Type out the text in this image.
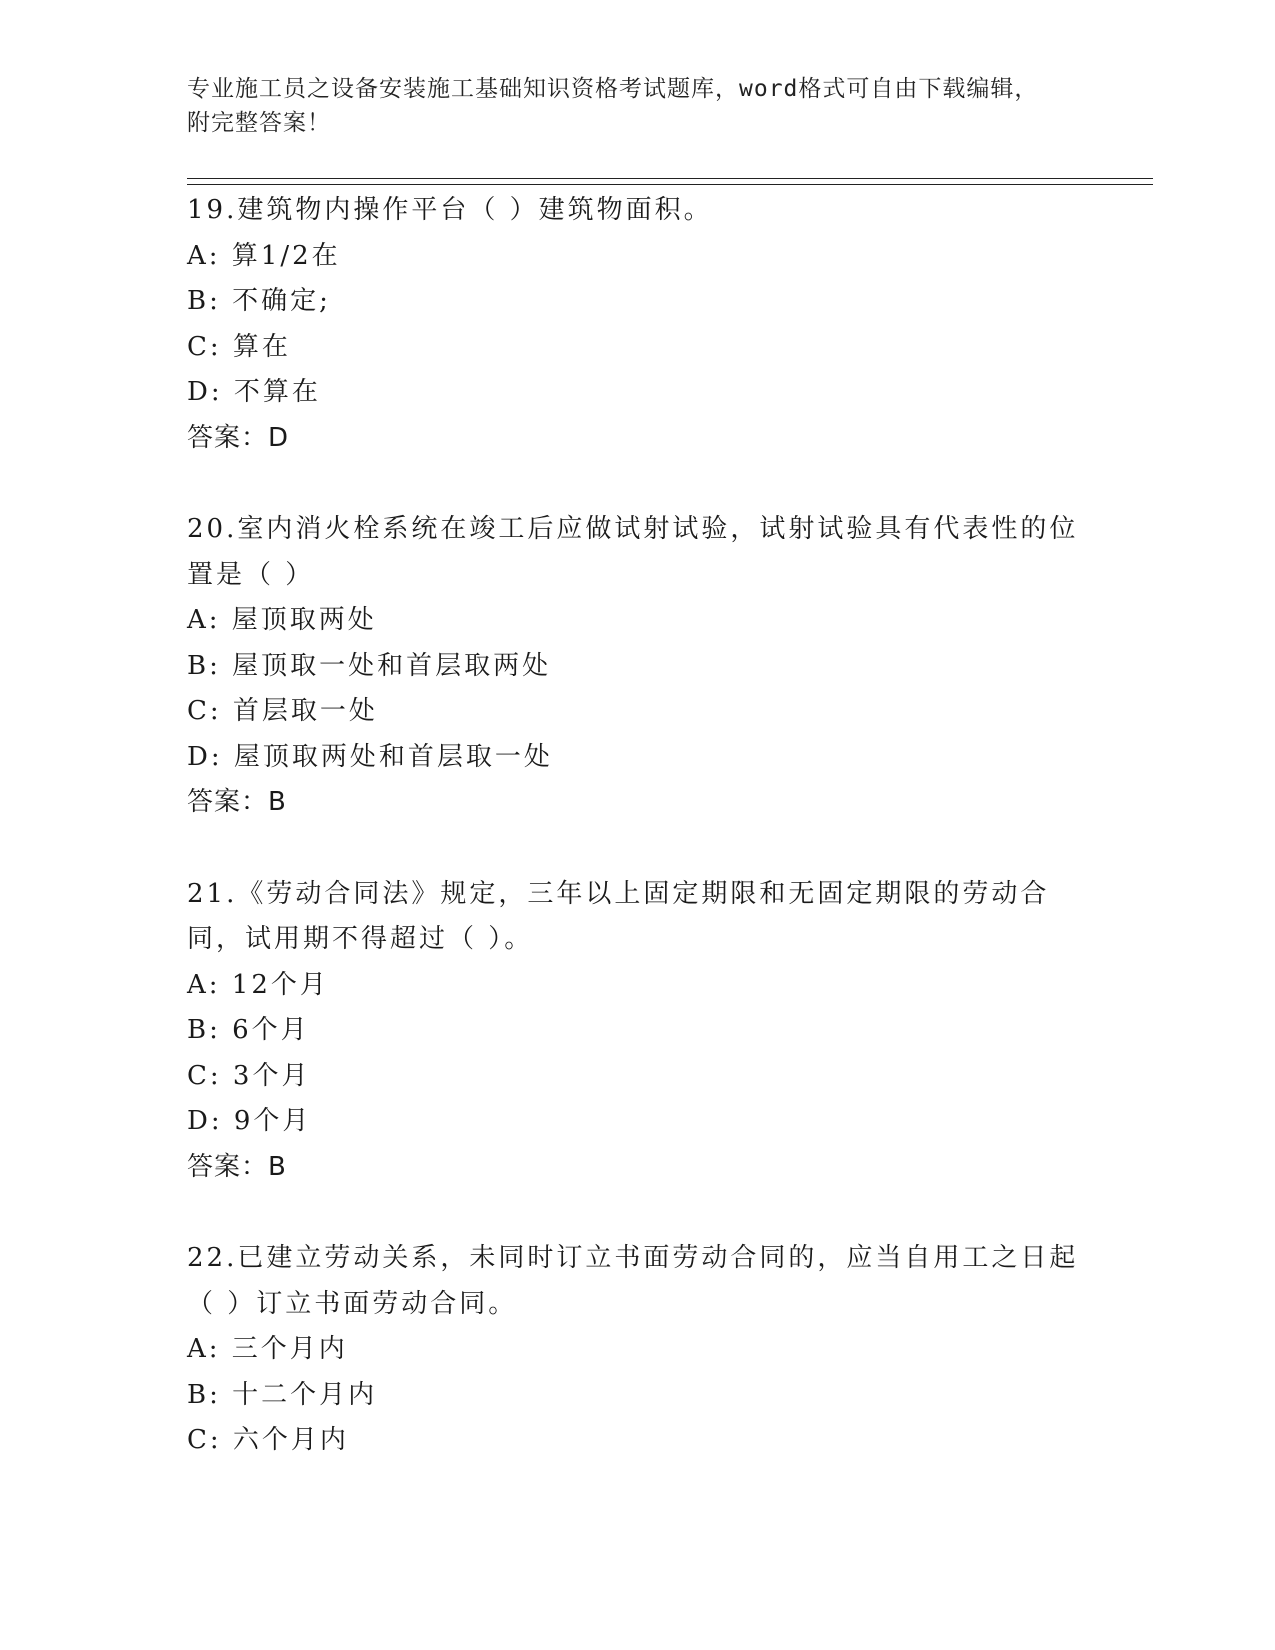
专业施工员之设备安装施工基础知识资格考试题库，word格式可自由下载编辑，
附完整答案！
19.建筑物内操作平台（ ）建筑物面积。
A: 算1/2在
B: 不确定;
C: 算在
D: 不算在
答案：D
20.室内消火栓系统在竣工后应做试射试验，试射试验具有代表性的位置是（ ）
A: 屋顶取两处
B: 屋顶取一处和首层取两处
C: 首层取一处
D: 屋顶取两处和首层取一处
答案：B
21.《劳动合同法》规定，三年以上固定期限和无固定期限的劳动合同，试用期不得超过（ ）。
A: 12个月
B: 6个月
C: 3个月
D: 9个月
答案：B
22.已建立劳动关系，未同时订立书面劳动合同的，应当自用工之日起（ ）订立书面劳动合同。
A: 三个月内
B: 十二个月内
C: 六个月内
